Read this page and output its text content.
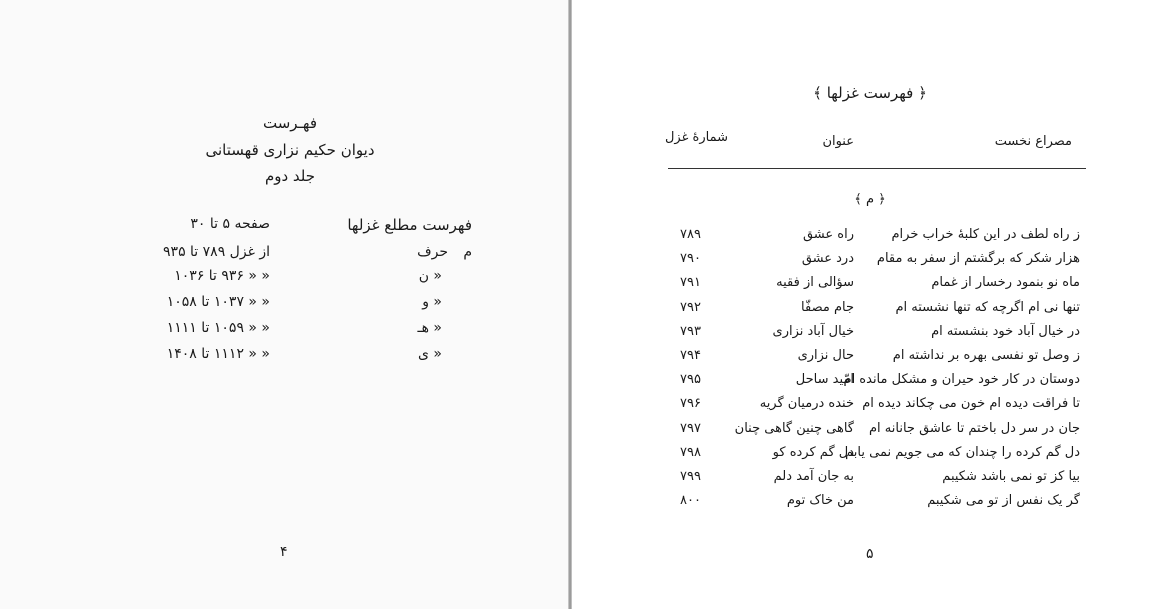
فهـرست
دیوان حکیم نزاری قهستانی
جلد دوم
فهرست مطلع غزلها
صفحه ۵ تا ۳۰
حرف م
از غزل ۷۸۹ تا ۹۳۵
« ن
« « ۹۳۶ تا ۱۰۳۶
« و
« « ۱۰۳۷ تا ۱۰۵۸
« هـ
« « ۱۰۵۹ تا ۱۱۱۱
« ی
« « ۱۱۱۲ تا ۱۴۰۸
۴
﴿ فهرست غزلها ﴾
مصراع نخست
عنوان
شمارهٔ غزل
﴿ م ﴾
ز راه لطف در این کلبهٔ خراب خرام
راه عشق
۷۸۹
هزار شکر که برگشتم از سفر به مقام
درد عشق
۷۹۰
ماه نو بنمود رخسار از غمام
سؤالی از فقیه
۷۹۱
تنها نی ام اگرچه که تنها نشسته ام
جام مصفّا
۷۹۲
در خیال آباد خود بنشسته ام
خیال آباد نزاری
۷۹۳
ز وصل تو نفسی بهره بر نداشته ام
حال نزاری
۷۹۴
دوستان در کار خود حیران و مشکل مانده ام
امّید ساحل
۷۹۵
تا فراقت دیده ام خون می چکاند دیده ام
خنده درمیان گریه
۷۹۶
جان در سر دل باختم تا عاشق جانانه ام
گاهی چنین گاهی چنان
۷۹۷
دل گم کرده را چندان که می جویم نمی یابم
دل گم کرده کو
۷۹۸
بیا کز تو نمی باشد شکیبم
به جان آمد دلم
۷۹۹
گر یک نفس از تو می شکیبم
من خاک توم
۸۰۰
۵
